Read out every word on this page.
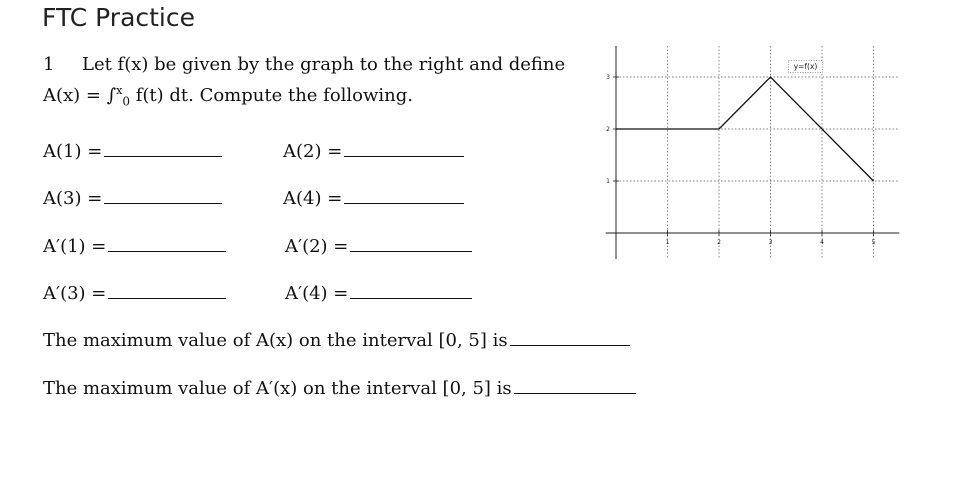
FTC Practice
1 Let f(x) be given by the graph to the right and define
A(x) = ∫$^x_0$ f(t) dt. Compute the following.
A(1) =	A(2) =
A(3) =	A(4) =
A′(1) =	A′(2) =
A′(3) =	A′(4) =
The maximum value of A(x) on the interval [0, 5] is
The maximum value of A′(x) on the interval [0, 5] is
1	2	3	4	5
1
2
3
y=f(x)
